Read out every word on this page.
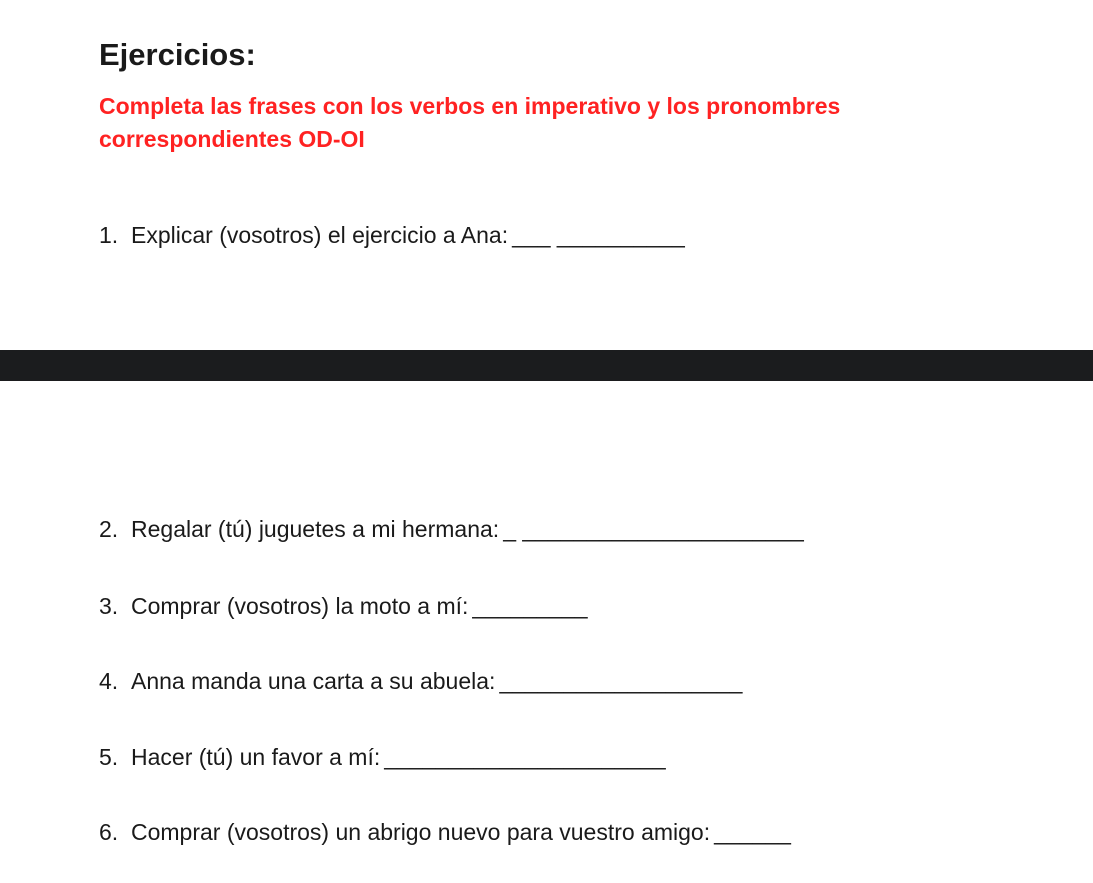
Ejercicios:

Completa las frases con los verbos en imperativo y los pronombres correspondientes OD-OI

1. Explicar (vosotros) el ejercicio a Ana: ___ __________
2. Regalar (tú) juguetes a mi hermana: _ ______________________
3. Comprar (vosotros) la moto a mí: _________
4. Anna manda una carta a su abuela: ___________________
5. Hacer (tú) un favor a mí: ______________________
6. Comprar (vosotros) un abrigo nuevo para vuestro amigo: ______
